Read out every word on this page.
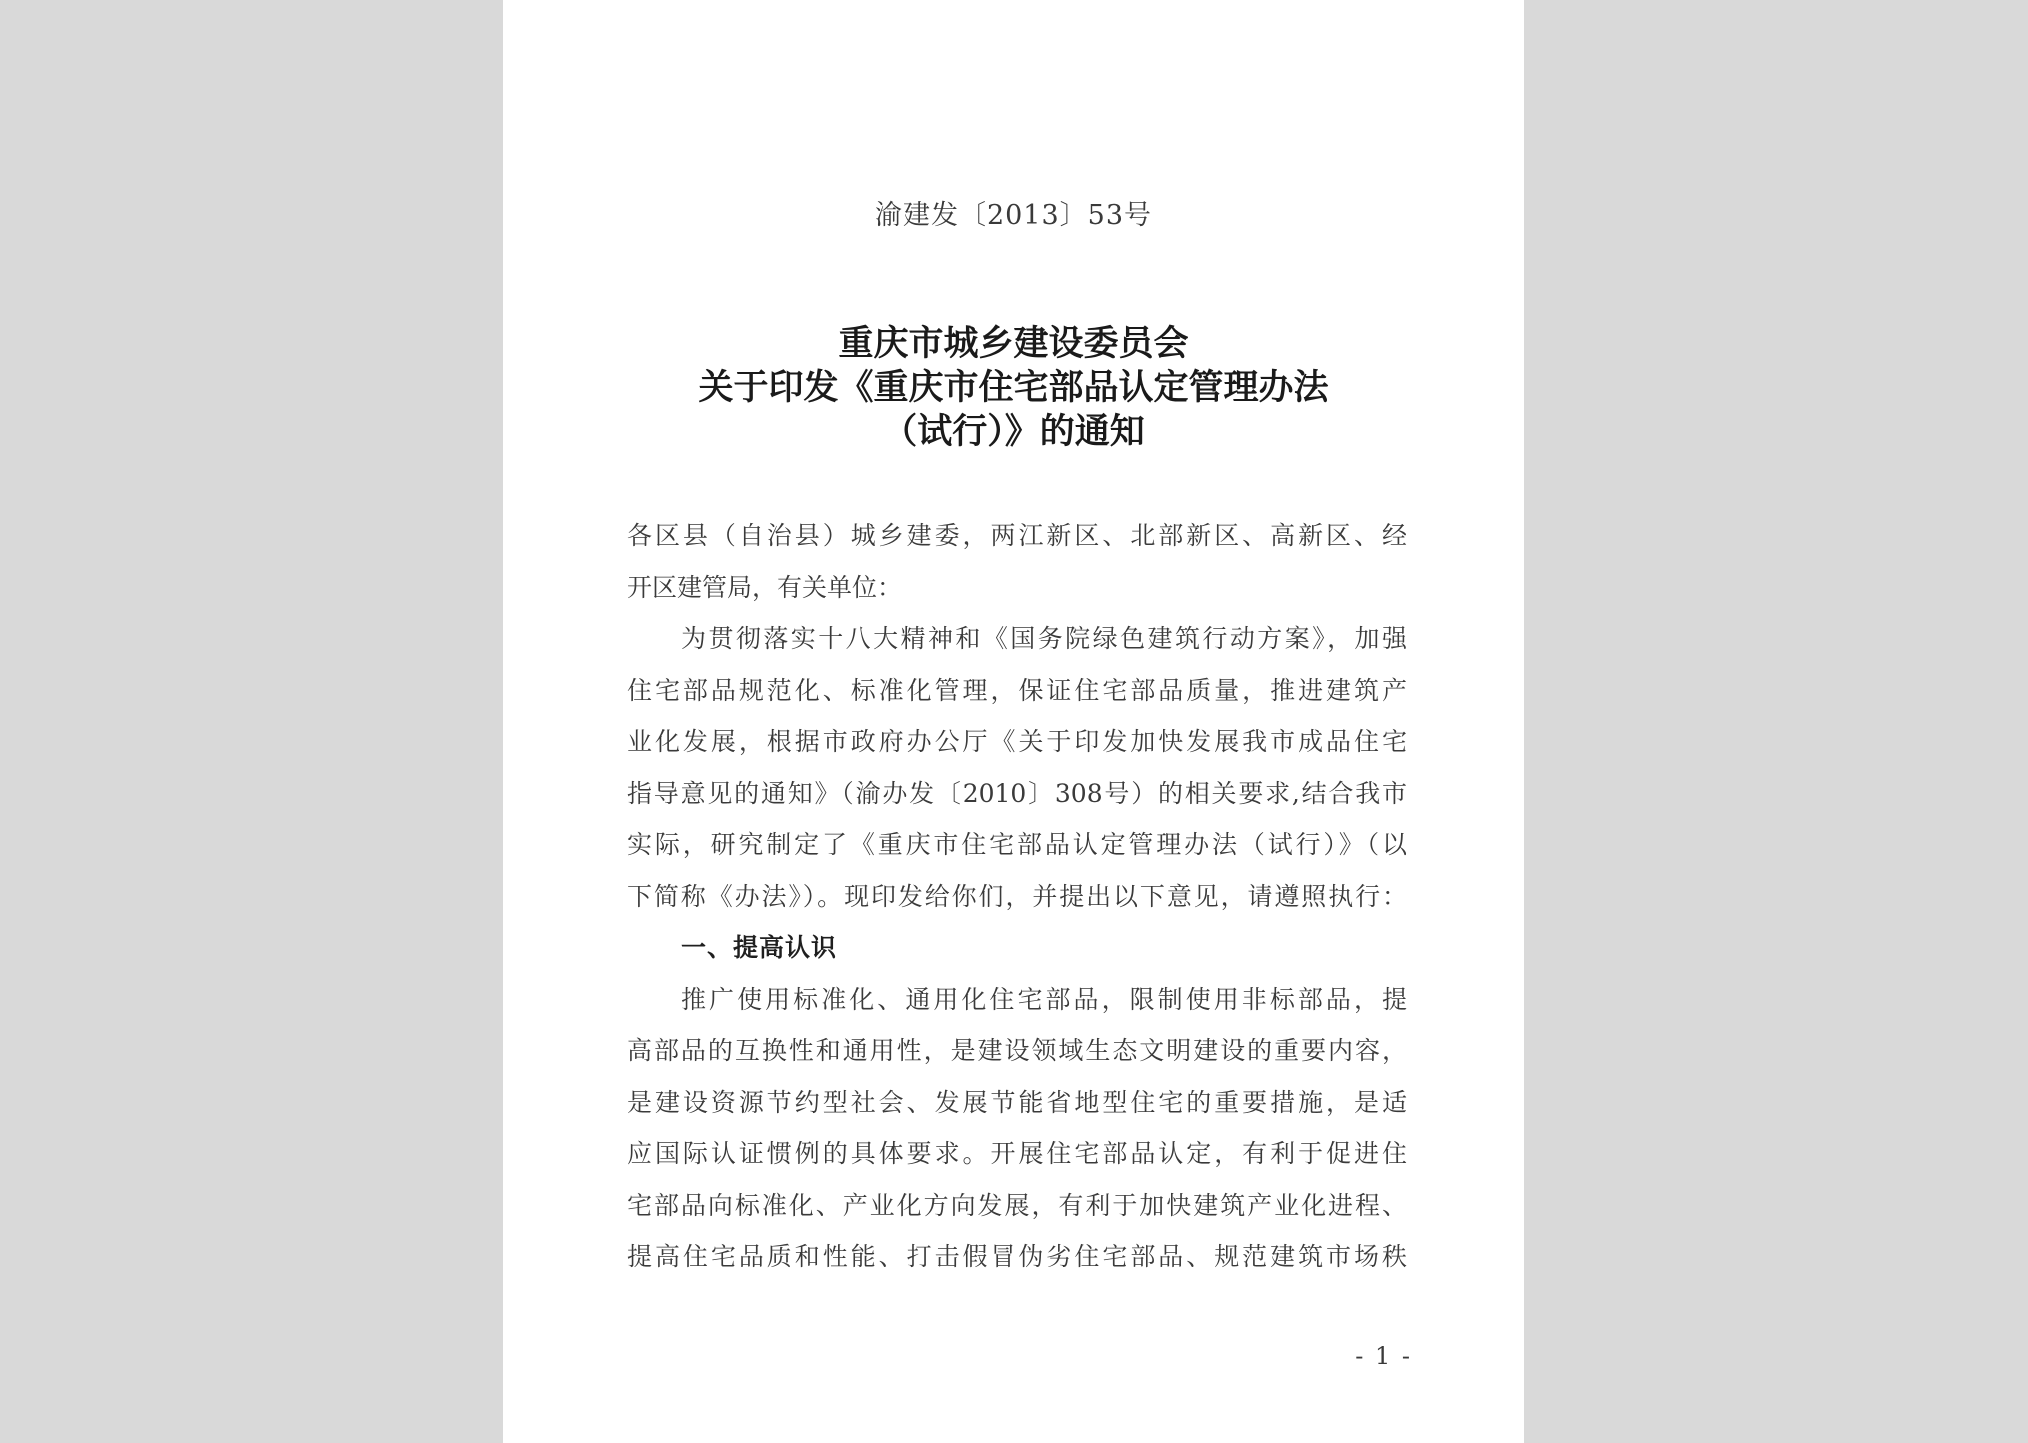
渝建发〔2013〕53号
重庆市城乡建设委员会
关于印发《重庆市住宅部品认定管理办法
（试行）》的通知
各区县（自治县）城乡建委，两江新区、北部新区、高新区、经
开区建管局，有关单位：
为贯彻落实十八大精神和《国务院绿色建筑行动方案》，加强
住宅部品规范化、标准化管理，保证住宅部品质量，推进建筑产
业化发展，根据市政府办公厅《关于印发加快发展我市成品住宅
指导意见的通知》（渝办发〔2010〕308号）的相关要求,结合我市
实际，研究制定了《重庆市住宅部品认定管理办法（试行）》（以
下简称《办法》）。现印发给你们，并提出以下意见，请遵照执行：
一、提高认识
推广使用标准化、通用化住宅部品，限制使用非标部品，提
高部品的互换性和通用性，是建设领域生态文明建设的重要内容，
是建设资源节约型社会、发展节能省地型住宅的重要措施，是适
应国际认证惯例的具体要求。开展住宅部品认定，有利于促进住
宅部品向标准化、产业化方向发展，有利于加快建筑产业化进程、
提高住宅品质和性能、打击假冒伪劣住宅部品、规范建筑市场秩
- 1 -
